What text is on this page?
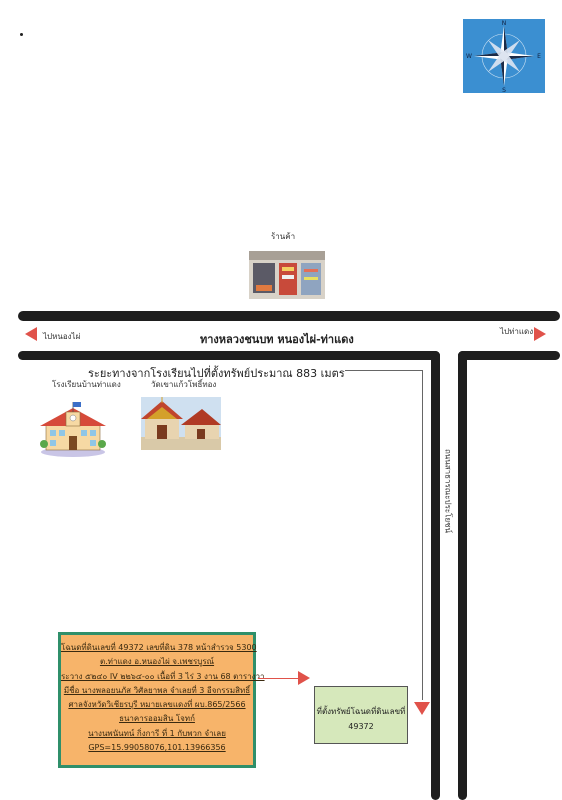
N
S
E
W
ร้านค้า
ทางหลวงชนบท หนองไผ่-ท่าแดง
ไปหนองไผ่
ไปท่าแดง
ระยะทางจากโรงเรียนไปที่ตั้งทรัพย์ประมาณ 883 เมตร
ถนนสาธารณะประโยชน์
โรงเรียนบ้านท่าแดง	วัดเขาแก้วโพธิ์ทอง
โฉนดที่ดินเลขที่ 49372 เลขที่ดิน 378 หน้าสำรวจ 5300
ต.ท่าแดง อ.หนองไผ่ จ.เพชรบูรณ์
ระวาง ๕๒๔๐ IV ๒๒๖๔-๐๐ เนื้อที่ 3 ไร่ 3 งาน 68 ตารางวา
มีชื่อ นางพลอยนภัส วิศัลยาพล จำเลยที่ 3 อีจกรรมสิทธิ์
ศาลจังหวัดวิเชียรบุรี หมายเลขแดงที่ ผบ.865/2566
ธนาคารออมสิน โจทก์
นางนพนันทน์ กิ่งการี ที่ 1 กับพวก จำเลย
GPS=15.99058076,101.13966356
ที่ตั้งทรัพย์โฉนดที่ดินเลขที่
49372
